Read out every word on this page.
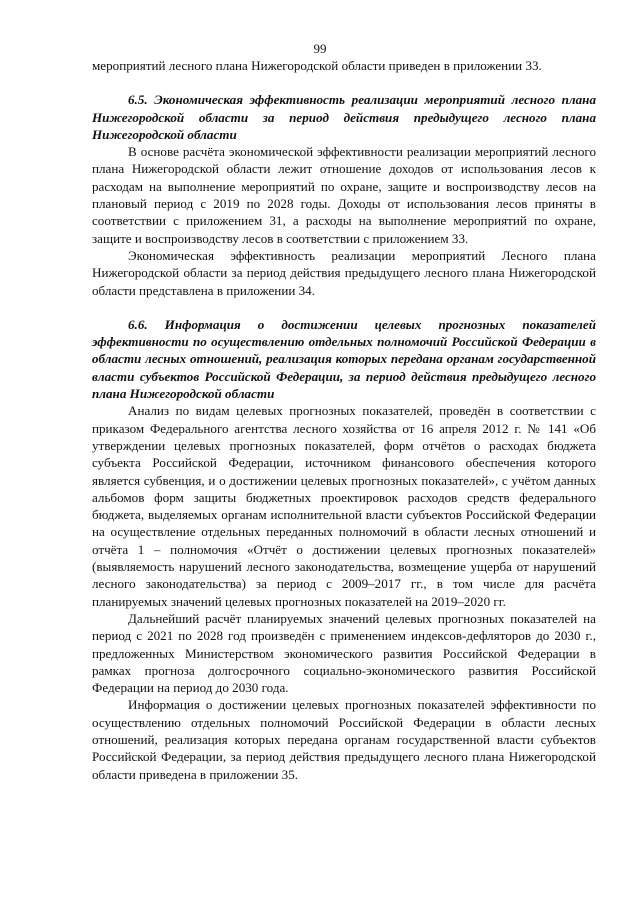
99

мероприятий лесного плана Нижегородской области приведен в приложении 33.

6.5. Экономическая эффективность реализации мероприятий лесного плана Нижегородской области за период действия предыдущего лесного плана Нижегородской области

В основе расчёта экономической эффективности реализации мероприятий лесного плана Нижегородской области лежит отношение доходов от использования лесов к расходам на выполнение мероприятий по охране, защите и воспроизводству лесов на плановый период с 2019 по 2028 годы. Доходы от использования лесов приняты в соответствии с приложением 31, а расходы на выполнение мероприятий по охране, защите и воспроизводству лесов в соответствии с приложением 33.

Экономическая эффективность реализации мероприятий Лесного плана Нижегородской области за период действия предыдущего лесного плана Нижегородской области представлена в приложении 34.

6.6. Информация о достижении целевых прогнозных показателей эффективности по осуществлению отдельных полномочий Российской Федерации в области лесных отношений, реализация которых передана органам государственной власти субъектов Российской Федерации, за период действия предыдущего лесного плана Нижегородской области

Анализ по видам целевых прогнозных показателей, проведён в соответствии с приказом Федерального агентства лесного хозяйства от 16 апреля 2012 г. № 141 «Об утверждении целевых прогнозных показателей, форм отчётов о расходах бюджета субъекта Российской Федерации, источником финансового обеспечения которого является субвенция, и о достижении целевых прогнозных показателей», с учётом данных альбомов форм защиты бюджетных проектировок расходов средств федерального бюджета, выделяемых органам исполнительной власти субъектов Российской Федерации на осуществление отдельных переданных полномочий в области лесных отношений и отчёта 1 – полномочия «Отчёт о достижении целевых прогнозных показателей» (выявляемость нарушений лесного законодательства, возмещение ущерба от нарушений лесного законодательства) за период с 2009–2017 гг., в том числе для расчёта планируемых значений целевых прогнозных показателей на 2019–2020 гг.

Дальнейший расчёт планируемых значений целевых прогнозных показателей на период с 2021 по 2028 год произведён с применением индексов-дефляторов до 2030 г., предложенных Министерством экономического развития Российской Федерации в рамках прогноза долгосрочного социально-экономического развития Российской Федерации на период до 2030 года.

Информация о достижении целевых прогнозных показателей эффективности по осуществлению отдельных полномочий Российской Федерации в области лесных отношений, реализация которых передана органам государственной власти субъектов Российской Федерации, за период действия предыдущего лесного плана Нижегородской области приведена в приложении 35.
